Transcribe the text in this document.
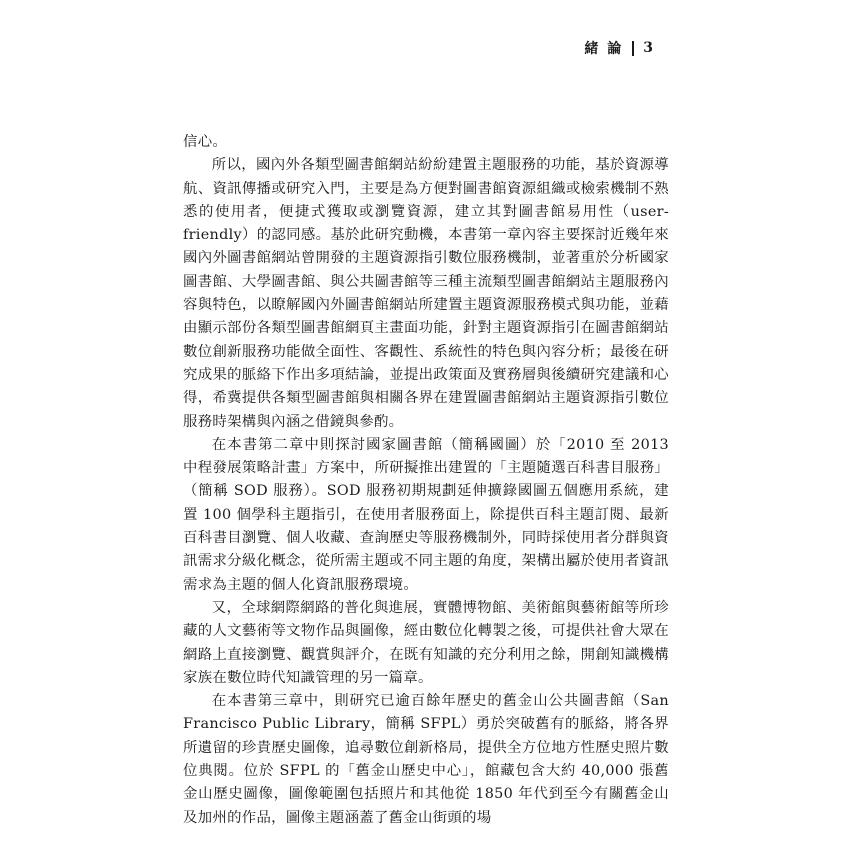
緒 論 3

信心。

所以，國內外各類型圖書館網站紛紛建置主題服務的功能，基於資源導航、資訊傳播或研究入門，主要是為方便對圖書館資源組織或檢索機制不熟悉的使用者，便捷式獲取或瀏覽資源，建立其對圖書館易用性（user-friendly）的認同感。基於此研究動機，本書第一章內容主要探討近幾年來國內外圖書館網站曾開發的主題資源指引數位服務機制，並著重於分析國家圖書館、大學圖書館、與公共圖書館等三種主流類型圖書館網站主題服務內容與特色，以瞭解國內外圖書館網站所建置主題資源服務模式與功能，並藉由顯示部份各類型圖書館網頁主畫面功能，針對主題資源指引在圖書館網站數位創新服務功能做全面性、客觀性、系統性的特色與內容分析；最後在研究成果的脈絡下作出多項結論，並提出政策面及實務層與後續研究建議和心得，希冀提供各類型圖書館與相關各界在建置圖書館網站主題資源指引數位服務時架構與內涵之借鏡與參酌。

在本書第二章中則探討國家圖書館（簡稱國圖）於「2010 至 2013 中程發展策略計畫」方案中，所研擬推出建置的「主題隨選百科書目服務」（簡稱 SOD 服務）。SOD 服務初期規劃延伸擴錄國圖五個應用系統，建置 100 個學科主題指引，在使用者服務面上，除提供百科主題訂閱、最新百科書目瀏覽、個人收藏、查詢歷史等服務機制外，同時採使用者分群與資訊需求分級化概念，從所需主題或不同主題的角度，架構出屬於使用者資訊需求為主題的個人化資訊服務環境。

又，全球網際網路的普化與進展，實體博物館、美術館與藝術館等所珍藏的人文藝術等文物作品與圖像，經由數位化轉製之後，可提供社會大眾在網路上直接瀏覽、觀賞與評介，在既有知識的充分利用之餘，開創知識機構家族在數位時代知識管理的另一篇章。

在本書第三章中，則研究已逾百餘年歷史的舊金山公共圖書館（San Francisco Public Library，簡稱 SFPL）勇於突破舊有的脈絡，將各界所遺留的珍貴歷史圖像，追尋數位創新格局，提供全方位地方性歷史照片數位典閱。位於 SFPL 的「舊金山歷史中心」，館藏包含大約 40,000 張舊金山歷史圖像，圖像範圍包括照片和其他從 1850 年代到至今有關舊金山及加州的作品，圖像主題涵蓋了舊金山街頭的場
